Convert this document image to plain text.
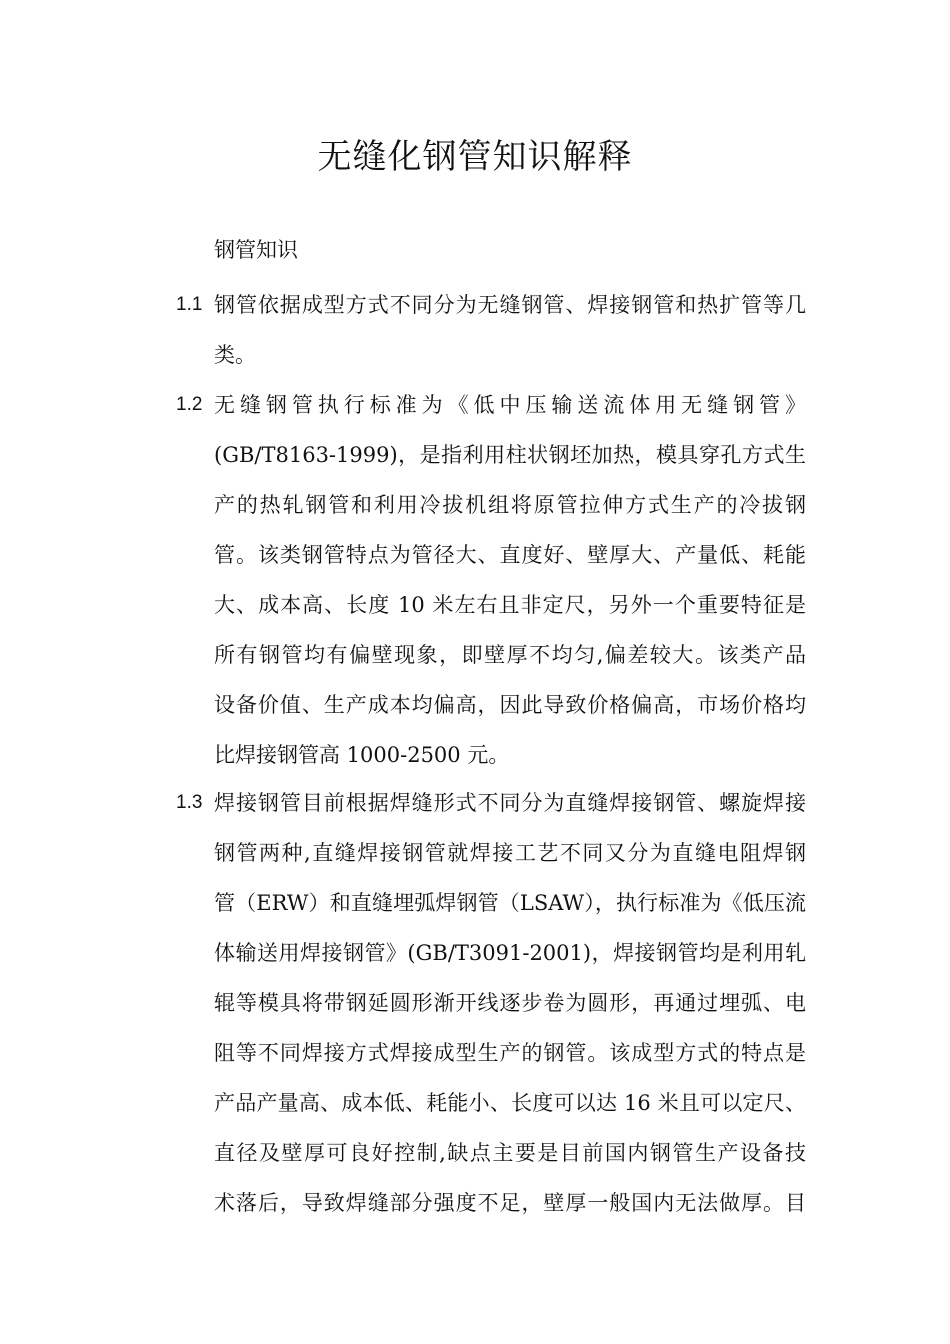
无缝化钢管知识解释
钢管知识
1.1 钢管依据成型方式不同分为无缝钢管、焊接钢管和热扩管等几
类。
1.2 无缝钢管执行标准为《低中压输送流体用无缝钢管》
(GB/T8163-1999)，是指利用柱状钢坯加热，模具穿孔方式生
产的热轧钢管和利用冷拔机组将原管拉伸方式生产的冷拔钢
管。该类钢管特点为管径大、直度好、壁厚大、产量低、耗能
大、成本高、长度 10 米左右且非定尺，另外一个重要特征是
所有钢管均有偏壁现象，即壁厚不均匀,偏差较大。该类产品
设备价值、生产成本均偏高，因此导致价格偏高，市场价格均
比焊接钢管高 1000-2500 元。
1.3 焊接钢管目前根据焊缝形式不同分为直缝焊接钢管、螺旋焊接
钢管两种,直缝焊接钢管就焊接工艺不同又分为直缝电阻焊钢
管（ERW）和直缝埋弧焊钢管（LSAW），执行标准为《低压流
体输送用焊接钢管》(GB/T3091-2001)，焊接钢管均是利用轧
辊等模具将带钢延圆形渐开线逐步卷为圆形，再通过埋弧、电
阻等不同焊接方式焊接成型生产的钢管。该成型方式的特点是
产品产量高、成本低、耗能小、长度可以达 16 米且可以定尺、
直径及壁厚可良好控制,缺点主要是目前国内钢管生产设备技
术落后，导致焊缝部分强度不足，壁厚一般国内无法做厚。目
